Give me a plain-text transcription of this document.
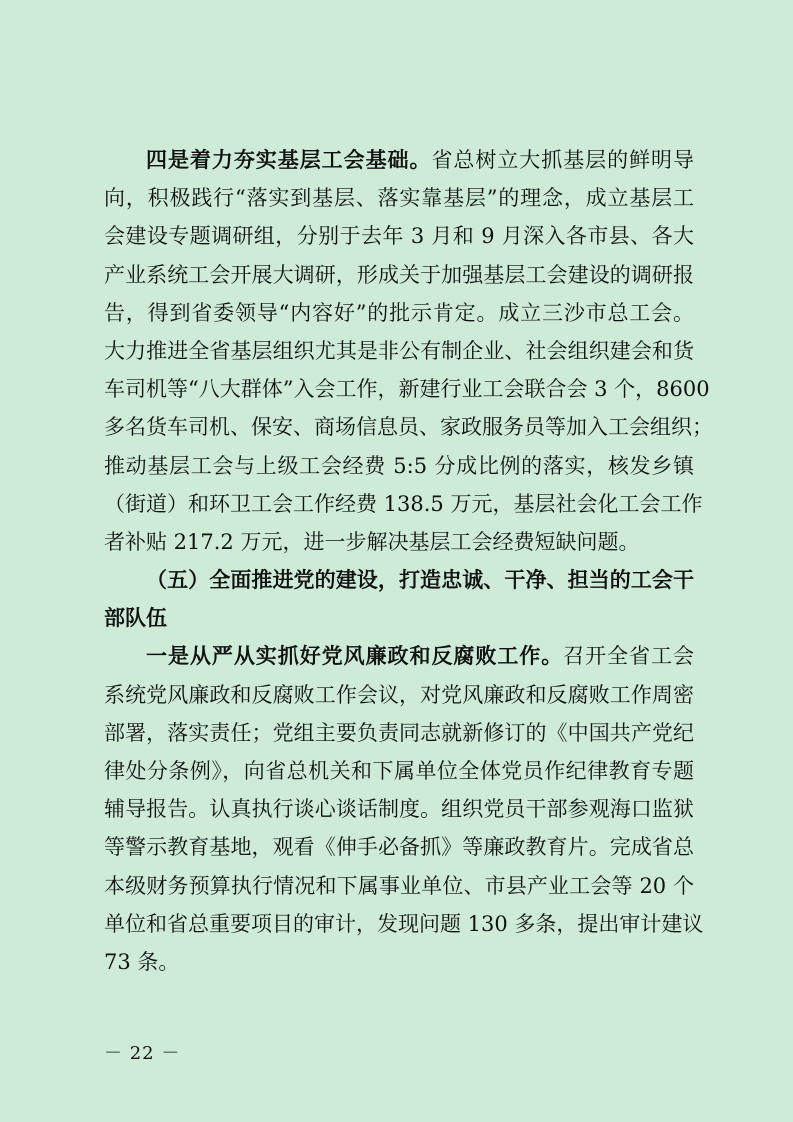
四是着力夯实基层工会基础。省总树立大抓基层的鲜明导
向，积极践行“落实到基层、落实靠基层”的理念，成立基层工
会建设专题调研组，分别于去年 3 月和 9 月深入各市县、各大
产业系统工会开展大调研，形成关于加强基层工会建设的调研报
告，得到省委领导“内容好”的批示肯定。成立三沙市总工会。
大力推进全省基层组织尤其是非公有制企业、社会组织建会和货
车司机等“八大群体”入会工作，新建行业工会联合会 3 个，8600
多名货车司机、保安、商场信息员、家政服务员等加入工会组织；
推动基层工会与上级工会经费 5:5 分成比例的落实，核发乡镇
（街道）和环卫工会工作经费 138.5 万元，基层社会化工会工作
者补贴 217.2 万元，进一步解决基层工会经费短缺问题。
（五）全面推进党的建设，打造忠诚、干净、担当的工会干
部队伍
一是从严从实抓好党风廉政和反腐败工作。召开全省工会
系统党风廉政和反腐败工作会议，对党风廉政和反腐败工作周密
部署，落实责任；党组主要负责同志就新修订的《中国共产党纪
律处分条例》，向省总机关和下属单位全体党员作纪律教育专题
辅导报告。认真执行谈心谈话制度。组织党员干部参观海口监狱
等警示教育基地，观看《伸手必备抓》等廉政教育片。完成省总
本级财务预算执行情况和下属事业单位、市县产业工会等 20 个
单位和省总重要项目的审计，发现问题 130 多条，提出审计建议
73 条。
－ 22 －
